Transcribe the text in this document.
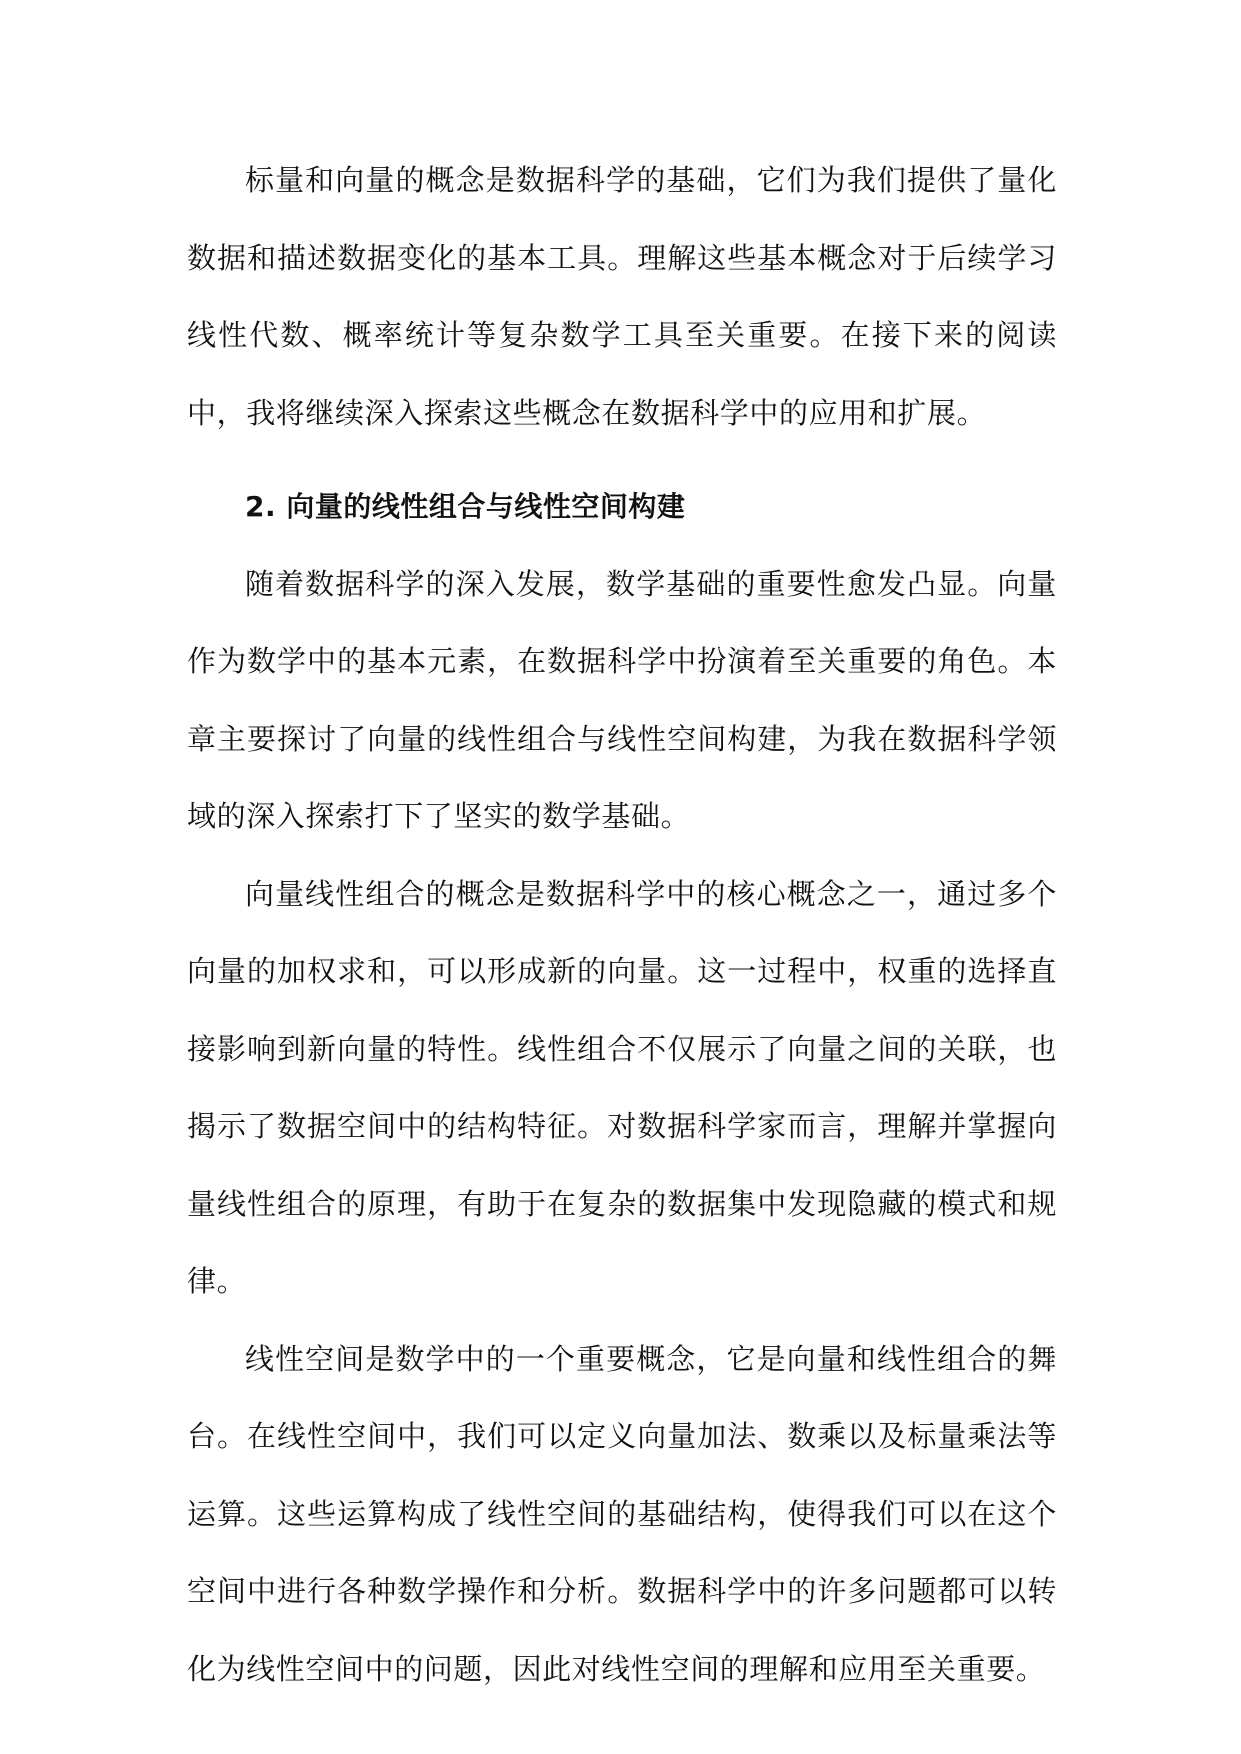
标量和向量的概念是数据科学的基础，它们为我们提供了量化数据和描述数据变化的基本工具。理解这些基本概念对于后续学习线性代数、概率统计等复杂数学工具至关重要。在接下来的阅读中，我将继续深入探索这些概念在数据科学中的应用和扩展。

2. 向量的线性组合与线性空间构建

随着数据科学的深入发展，数学基础的重要性愈发凸显。向量作为数学中的基本元素，在数据科学中扮演着至关重要的角色。本章主要探讨了向量的线性组合与线性空间构建，为我在数据科学领域的深入探索打下了坚实的数学基础。

向量线性组合的概念是数据科学中的核心概念之一，通过多个向量的加权求和，可以形成新的向量。这一过程中，权重的选择直接影响到新向量的特性。线性组合不仅展示了向量之间的关联，也揭示了数据空间中的结构特征。对数据科学家而言，理解并掌握向量线性组合的原理，有助于在复杂的数据集中发现隐藏的模式和规律。

线性空间是数学中的一个重要概念，它是向量和线性组合的舞台。在线性空间中，我们可以定义向量加法、数乘以及标量乘法等运算。这些运算构成了线性空间的基础结构，使得我们可以在这个空间中进行各种数学操作和分析。数据科学中的许多问题都可以转化为线性空间中的问题，因此对线性空间的理解和应用至关重要。
